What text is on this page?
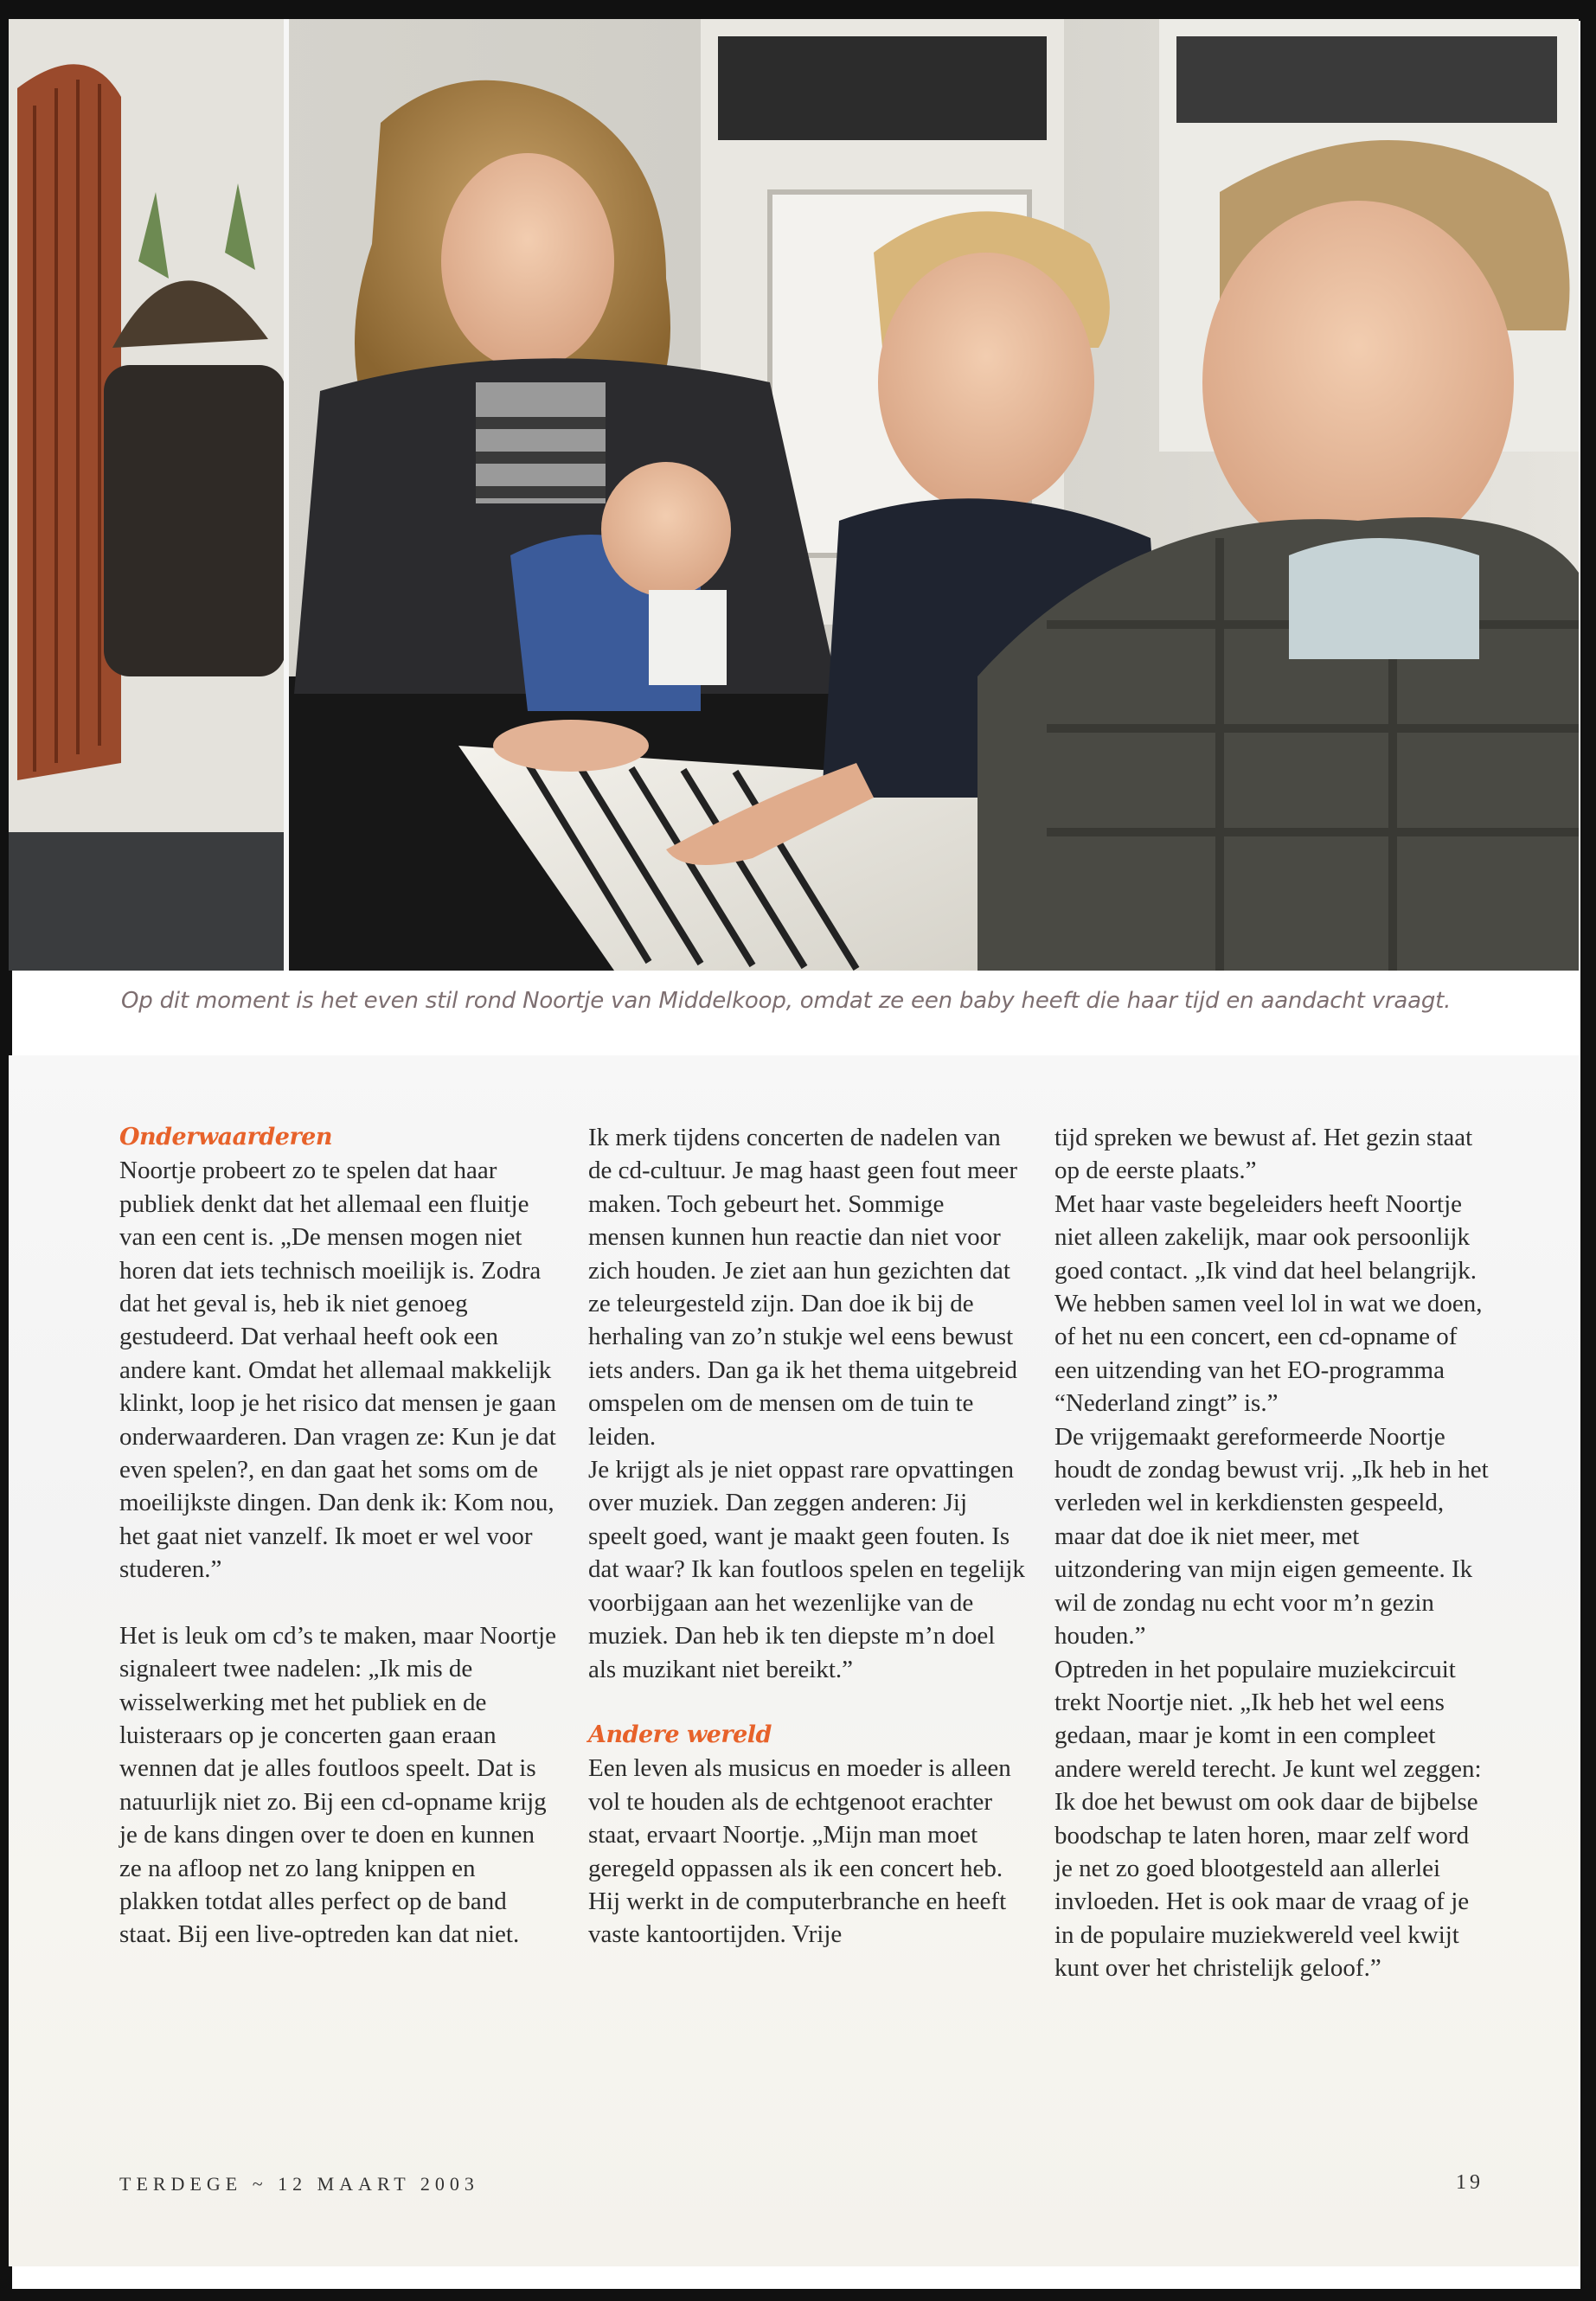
Op dit moment is het even stil rond Noortje van Middelkoop, omdat ze een baby heeft die haar tijd en aandacht vraagt.
Onderwaarderen

Noortje probeert zo te spelen dat haar publiek denkt dat het allemaal een fluitje van een cent is. „De mensen mogen niet horen dat iets technisch moeilijk is. Zodra dat het geval is, heb ik niet genoeg gestudeerd. Dat verhaal heeft ook een andere kant. Omdat het allemaal makkelijk klinkt, loop je het risico dat mensen je gaan onderwaarderen. Dan vragen ze: Kun je dat even spelen?, en dan gaat het soms om de moeilijkste dingen. Dan denk ik: Kom nou, het gaat niet vanzelf. Ik moet er wel voor studeren.”

Het is leuk om cd’s te maken, maar Noortje signaleert twee nadelen: „Ik mis de wisselwerking met het publiek en de luisteraars op je concerten gaan eraan wennen dat je alles foutloos speelt. Dat is natuurlijk niet zo. Bij een cd-opname krijg je de kans dingen over te doen en kunnen ze na afloop net zo lang knippen en plakken totdat alles perfect op de band staat. Bij een live-optreden kan dat niet.

Ik merk tijdens concerten de nadelen van de cd-cultuur. Je mag haast geen fout meer maken. Toch gebeurt het. Sommige mensen kunnen hun reactie dan niet voor zich houden. Je ziet aan hun gezichten dat ze teleurgesteld zijn. Dan doe ik bij de herhaling van zo’n stukje wel eens bewust iets anders. Dan ga ik het thema uitgebreid omspelen om de mensen om de tuin te leiden.

Je krijgt als je niet oppast rare opvattingen over muziek. Dan zeggen anderen: Jij speelt goed, want je maakt geen fouten. Is dat waar? Ik kan foutloos spelen en tegelijk voorbijgaan aan het wezenlijke van de muziek. Dan heb ik ten diepste m’n doel als muzikant niet bereikt.”

Andere wereld

Een leven als musicus en moeder is alleen vol te houden als de echtgenoot erachter staat, ervaart Noortje. „Mijn man moet geregeld oppassen als ik een concert heb. Hij werkt in de computerbranche en heeft vaste kantoortijden. Vrije

tijd spreken we bewust af. Het gezin staat op de eerste plaats.”

Met haar vaste begeleiders heeft Noortje niet alleen zakelijk, maar ook persoonlijk goed contact. „Ik vind dat heel belangrijk. We hebben samen veel lol in wat we doen, of het nu een concert, een cd-opname of een uitzending van het EO-programma “Nederland zingt” is.”

De vrijgemaakt gereformeerde Noortje houdt de zondag bewust vrij. „Ik heb in het verleden wel in kerkdiensten gespeeld, maar dat doe ik niet meer, met uitzondering van mijn eigen gemeente. Ik wil de zondag nu echt voor m’n gezin houden.”

Optreden in het populaire muziekcircuit trekt Noortje niet. „Ik heb het wel eens gedaan, maar je komt in een compleet andere wereld terecht. Je kunt wel zeggen: Ik doe het bewust om ook daar de bijbelse boodschap te laten horen, maar zelf word je net zo goed blootgesteld aan allerlei invloeden. Het is ook maar de vraag of je in de populaire muziekwereld veel kwijt kunt over het christelijk geloof.”

TERDEGE ~ 12 MAART 2003	19
